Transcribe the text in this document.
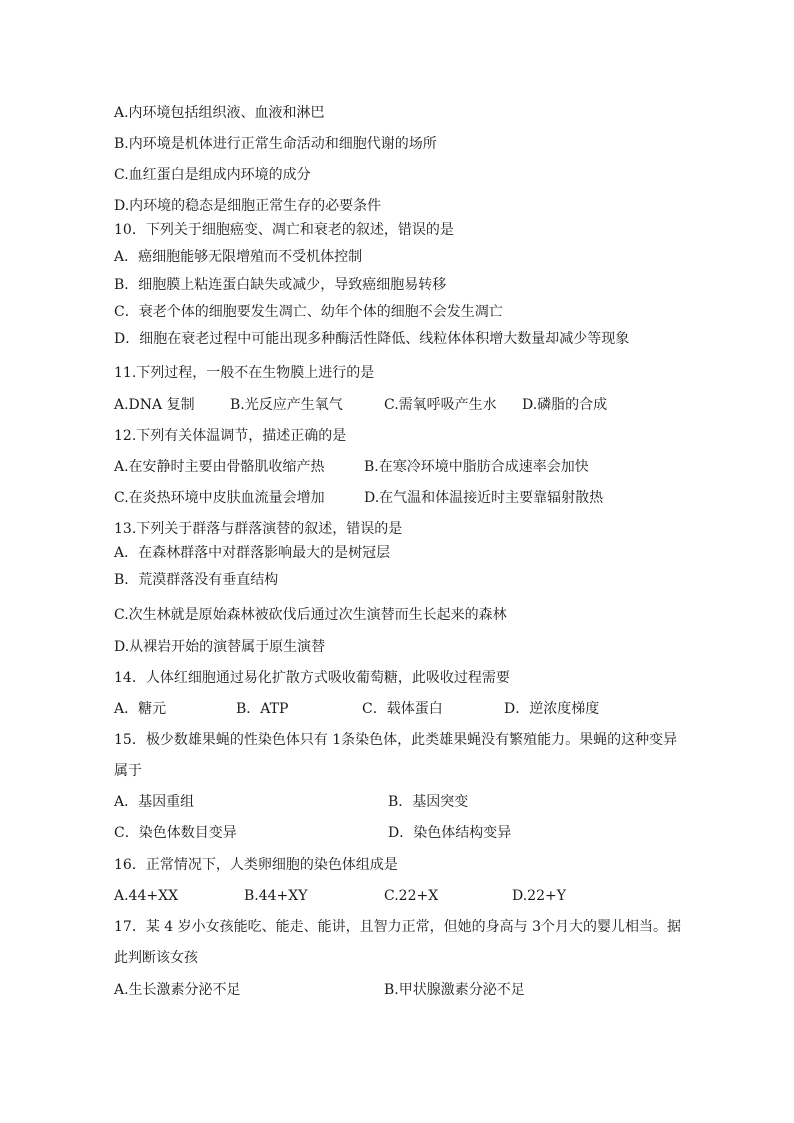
A.内环境包括组织液、血液和淋巴
B.内环境是机体进行正常生命活动和细胞代谢的场所
C.血红蛋白是组成内环境的成分
D.内环境的稳态是细胞正常生存的必要条件
10．下列关于细胞癌变、凋亡和衰老的叙述，错误的是
A．癌细胞能够无限增殖而不受机体控制
B．细胞膜上粘连蛋白缺失或减少，导致癌细胞易转移
C．衰老个体的细胞要发生凋亡、幼年个体的细胞不会发生凋亡
D．细胞在衰老过程中可能出现多种酶活性降低、线粒体体积增大数量却减少等现象
11.下列过程，一般不在生物膜上进行的是
A.DNA 复制	B.光反应产生氧气	C.需氧呼吸产生水 D.磷脂的合成
12.下列有关体温调节，描述正确的是
A.在安静时主要由骨骼肌收缩产热	B.在寒冷环境中脂肪合成速率会加快
C.在炎热环境中皮肤血流量会增加	D.在气温和体温接近时主要靠辐射散热
13.下列关于群落与群落演替的叙述，错误的是
A．在森林群落中对群落影响最大的是树冠层
B．荒漠群落没有垂直结构
C.次生林就是原始森林被砍伐后通过次生演替而生长起来的森林
D.从裸岩开始的演替属于原生演替
14．人体红细胞通过易化扩散方式吸收葡萄糖，此吸收过程需要
A．糖元	B．ATP	C．载体蛋白	D．逆浓度梯度
15．极少数雄果蝇的性染色体只有 1条染色体，此类雄果蝇没有繁殖能力。果蝇的这种变异
属于
A．基因重组	B．基因突变
C．染色体数目变异	D．染色体结构变异
16．正常情况下，人类卵细胞的染色体组成是
A.44+XX	B.44+XY	C.22+X	D.22+Y
17．某 4 岁小女孩能吃、能走、能讲，且智力正常，但她的身高与 3个月大的婴儿相当。据
此判断该女孩
A.生长激素分泌不足	B.甲状腺激素分泌不足
